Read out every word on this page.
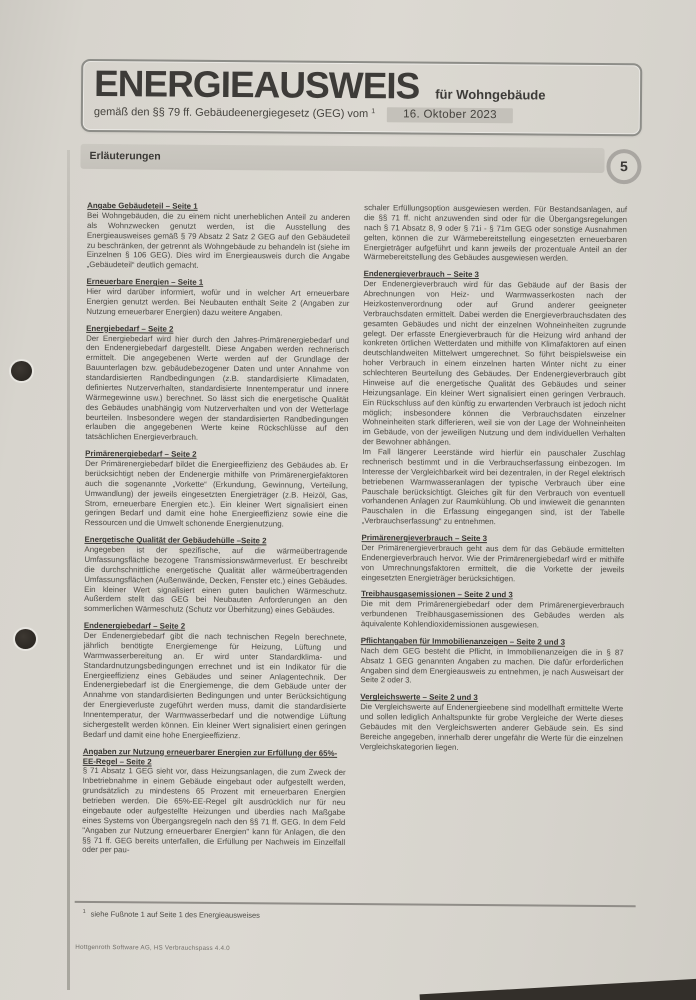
ENERGIEAUSWEIS für Wohngebäude
gemäß den §§ 79 ff. Gebäudeenergiegesetz (GEG) vom 1	16. Oktober 2023
Erläuterungen
5
Angabe Gebäudeteil – Seite 1

Bei Wohngebäuden, die zu einem nicht unerheblichen Anteil zu anderen als Wohnzwecken genutzt werden, ist die Ausstellung des Energieausweises gemäß § 79 Absatz 2 Satz 2 GEG auf den Gebäudeteil zu beschränken, der getrennt als Wohngebäude zu behandeln ist (siehe im Einzelnen § 106 GEG). Dies wird im Energieausweis durch die Angabe „Gebäudeteil“ deutlich gemacht.

Erneuerbare Energien – Seite 1

Hier wird darüber informiert, wofür und in welcher Art erneuerbare Energien genutzt werden. Bei Neubauten enthält Seite 2 (Angaben zur Nutzung erneuerbarer Energien) dazu weitere Angaben.

Energiebedarf – Seite 2

Der Energiebedarf wird hier durch den Jahres-Primärenergiebedarf und den Endenergiebedarf dargestellt. Diese Angaben werden rechnerisch ermittelt. Die angegebenen Werte werden auf der Grundlage der Bauunterlagen bzw. gebäudebezogener Daten und unter Annahme von standardisierten Randbedingungen (z.B. standardisierte Klimadaten, definiertes Nutzerverhalten, standardisierte Innentemperatur und innere Wärmegewinne usw.) berechnet. So lässt sich die energetische Qualität des Gebäudes unabhängig vom Nutzerverhalten und von der Wetterlage beurteilen. Insbesondere wegen der standardisierten Randbedingungen erlauben die angegebenen Werte keine Rückschlüsse auf den tatsächlichen Energieverbrauch.

Primärenergiebedarf – Seite 2

Der Primärenergiebedarf bildet die Energieeffizienz des Gebäudes ab. Er berücksichtigt neben der Endenergie mithilfe von Primärenergiefaktoren auch die sogenannte „Vorkette“ (Erkundung, Gewinnung, Verteilung, Umwandlung) der jeweils eingesetzten Energieträger (z.B. Heizöl, Gas, Strom, erneuerbare Energien etc.). Ein kleiner Wert signalisiert einen geringen Bedarf und damit eine hohe Energieeffizienz sowie eine die Ressourcen und die Umwelt schonende Energienutzung.

Energetische Qualität der Gebäudehülle –Seite 2

Angegeben ist der spezifische, auf die wärmeübertragende Umfassungsfläche bezogene Transmissionswärmeverlust. Er beschreibt die durchschnittliche energetische Qualität aller wärmeübertragenden Umfassungsflächen (Außenwände, Decken, Fenster etc.) eines Gebäudes. Ein kleiner Wert signalisiert einen guten baulichen Wärmeschutz. Außerdem stellt das GEG bei Neubauten Anforderungen an den sommerlichen Wärmeschutz (Schutz vor Überhitzung) eines Gebäudes.

Endenergiebedarf – Seite 2

Der Endenergiebedarf gibt die nach technischen Regeln berechnete, jährlich benötigte Energiemenge für Heizung, Lüftung und Warmwasserbereitung an. Er wird unter Standardklima- und Standardnutzungsbedingungen errechnet und ist ein Indikator für die Energieeffizienz eines Gebäudes und seiner Anlagentechnik. Der Endenergiebedarf ist die Energiemenge, die dem Gebäude unter der Annahme von standardisierten Bedingungen und unter Berücksichtigung der Energieverluste zugeführt werden muss, damit die standardisierte Innentemperatur, der Warmwasserbedarf und die notwendige Lüftung sichergestellt werden können. Ein kleiner Wert signalisiert einen geringen Bedarf und damit eine hohe Energieeffizienz.

Angaben zur Nutzung erneuerbarer Energien zur Erfüllung der 65%-EE-Regel – Seite 2

§ 71 Absatz 1 GEG sieht vor, dass Heizungsanlagen, die zum Zweck der Inbetriebnahme in einem Gebäude eingebaut oder aufgestellt werden, grundsätzlich zu mindestens 65 Prozent mit erneuerbaren Energien betrieben werden. Die 65%-EE-Regel gilt ausdrücklich nur für neu eingebaute oder aufgestellte Heizungen und überdies nach Maßgabe eines Systems von Übergangsregeln nach den §§ 71 ff. GEG. In dem Feld "Angaben zur Nutzung erneuerbarer Energien" kann für Anlagen, die den §§ 71 ff. GEG bereits unterfallen, die Erfüllung per Nachweis im Einzelfall oder per pau-

schaler Erfüllungsoption ausgewiesen werden. Für Bestandsanlagen, auf die §§ 71 ff. nicht anzuwenden sind oder für die Übergangsregelungen nach § 71 Absatz 8, 9 oder § 71i - § 71m GEG oder sonstige Ausnahmen gelten, können die zur Wärmebereitstellung eingesetzten erneuerbaren Energieträger aufgeführt und kann jeweils der prozentuale Anteil an der Wärmebereitstellung des Gebäudes ausgewiesen werden.

Endenergieverbrauch – Seite 3

Der Endenergieverbrauch wird für das Gebäude auf der Basis der Abrechnungen von Heiz- und Warmwasserkosten nach der Heizkostenverordnung oder auf Grund anderer geeigneter Verbrauchsdaten ermittelt. Dabei werden die Energieverbrauchsdaten des gesamten Gebäudes und nicht der einzelnen Wohneinheiten zugrunde gelegt. Der erfasste Energieverbrauch für die Heizung wird anhand der konkreten örtlichen Wetterdaten und mithilfe von Klimafaktoren auf einen deutschlandweiten Mittelwert umgerechnet. So führt beispielsweise ein hoher Verbrauch in einem einzelnen harten Winter nicht zu einer schlechteren Beurteilung des Gebäudes. Der Endenergieverbrauch gibt Hinweise auf die energetische Qualität des Gebäudes und seiner Heizungsanlage. Ein kleiner Wert signalisiert einen geringen Verbrauch. Ein Rückschluss auf den künftig zu erwartenden Verbrauch ist jedoch nicht möglich; insbesondere können die Verbrauchsdaten einzelner Wohneinheiten stark differieren, weil sie von der Lage der Wohneinheiten im Gebäude, von der jeweiligen Nutzung und dem individuellen Verhalten der Bewohner abhängen.

Im Fall längerer Leerstände wird hierfür ein pauschaler Zuschlag rechnerisch bestimmt und in die Verbrauchserfassung einbezogen. Im Interesse der Vergleichbarkeit wird bei dezentralen, in der Regel elektrisch betriebenen Warmwasseranlagen der typische Verbrauch über eine Pauschale berücksichtigt. Gleiches gilt für den Verbrauch von eventuell vorhandenen Anlagen zur Raumkühlung. Ob und inwieweit die genannten Pauschalen in die Erfassung eingegangen sind, ist der Tabelle „Verbrauchserfassung“ zu entnehmen.

Primärenergieverbrauch – Seite 3

Der Primärenergieverbrauch geht aus dem für das Gebäude ermittelten Endenergieverbrauch hervor. Wie der Primärenergiebedarf wird er mithilfe von Umrechnungsfaktoren ermittelt, die die Vorkette der jeweils eingesetzten Energieträger berücksichtigen.

Treibhausgasemissionen – Seite 2 und 3

Die mit dem Primärenergiebedarf oder dem Primärenergieverbrauch verbundenen Treibhausgasemissionen des Gebäudes werden als äquivalente Kohlendioxidemissionen ausgewiesen.

Pflichtangaben für Immobilienanzeigen – Seite 2 und 3

Nach dem GEG besteht die Pflicht, in Immobilienanzeigen die in § 87 Absatz 1 GEG genannten Angaben zu machen. Die dafür erforderlichen Angaben sind dem Energieausweis zu entnehmen, je nach Ausweisart der Seite 2 oder 3.

Vergleichswerte – Seite 2 und 3

Die Vergleichswerte auf Endenergieebene sind modellhaft ermittelte Werte und sollen lediglich Anhaltspunkte für grobe Vergleiche der Werte dieses Gebäudes mit den Vergleichswerten anderer Gebäude sein. Es sind Bereiche angegeben, innerhalb derer ungefähr die Werte für die einzelnen Vergleichskategorien liegen.

$^1$ siehe Fußnote 1 auf Seite 1 des Energieausweises
Hottgenroth Software AG, HS Verbrauchspass 4.4.0
